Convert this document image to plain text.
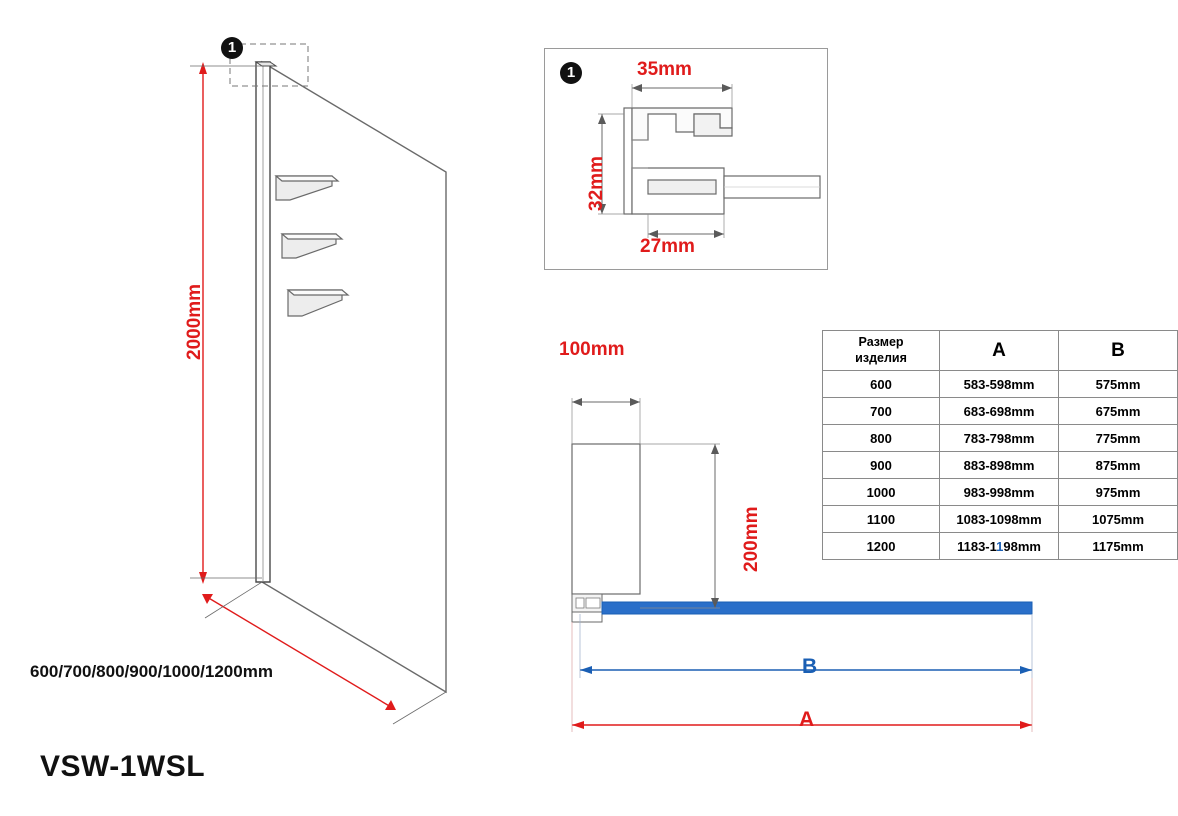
2000mm
1
600/700/800/900/1000/1200mm
1	35mm
32mm
27mm
100mm
200mm
B
A
Размер
изделия	A	B
600	583-598mm	575mm
700	683-698mm	675mm
800	783-798mm	775mm
900	883-898mm	875mm
1000	983-998mm	975mm
1100	1083-1098mm	1075mm
1200	1183-1198mm	1175mm
VSW-1WSL
